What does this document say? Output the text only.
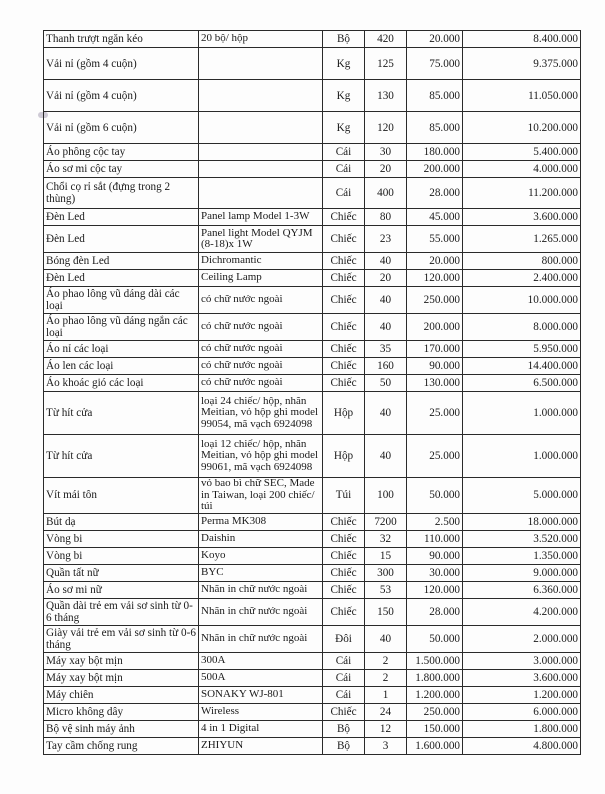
Thanh trượt ngăn kéo	20 bộ/ hộp	Bộ	420	20.000	8.400.000
Vải nỉ (gồm 4 cuộn)		Kg	125	75.000	9.375.000
Vải nỉ (gồm 4 cuộn)		Kg	130	85.000	11.050.000
Vải nỉ (gồm 6 cuộn)		Kg	120	85.000	10.200.000
Áo phông cộc tay		Cái	30	180.000	5.400.000
Áo sơ mi cộc tay		Cái	20	200.000	4.000.000
Chổi cọ rỉ sắt (đựng trong 2 thùng)		Cái	400	28.000	11.200.000
Đèn Led	Panel lamp Model 1-3W	Chiếc	80	45.000	3.600.000
Đèn Led	Panel light Model QYJM (8-18)x 1W	Chiếc	23	55.000	1.265.000
Bóng đèn Led	Dichromantic	Chiếc	40	20.000	800.000
Đèn Led	Ceiling Lamp	Chiếc	20	120.000	2.400.000
Áo phao lông vũ dáng dài các loại	có chữ nước ngoài	Chiếc	40	250.000	10.000.000
Áo phao lông vũ dáng ngắn các loại	có chữ nước ngoài	Chiếc	40	200.000	8.000.000
Áo nỉ các loại	có chữ nước ngoài	Chiếc	35	170.000	5.950.000
Áo len các loại	có chữ nước ngoài	Chiếc	160	90.000	14.400.000
Áo khoác gió các loại	có chữ nước ngoài	Chiếc	50	130.000	6.500.000
Từ hít cửa	loại 24 chiếc/ hộp, nhãn Meitian, vỏ hộp ghi model 99054, mã vạch 6924098	Hộp	40	25.000	1.000.000
Từ hít cửa	loại 12 chiếc/ hộp, nhãn Meitian, vỏ hộp ghi model 99061, mã vạch 6924098	Hộp	40	25.000	1.000.000
Vít mái tôn	vỏ bao bì chữ SEC, Made in Taiwan, loại 200 chiếc/ túi	Túi	100	50.000	5.000.000
Bút dạ	Perma MK308	Chiếc	7200	2.500	18.000.000
Vòng bi	Daishin	Chiếc	32	110.000	3.520.000
Vòng bi	Koyo	Chiếc	15	90.000	1.350.000
Quần tất nữ	BYC	Chiếc	300	30.000	9.000.000
Áo sơ mi nữ	Nhãn in chữ nước ngoài	Chiếc	53	120.000	6.360.000
Quần dài trẻ em vải sơ sinh từ 0-6 tháng	Nhãn in chữ nước ngoài	Chiếc	150	28.000	4.200.000
Giày vải trẻ em vải sơ sinh từ 0-6 tháng	Nhãn in chữ nước ngoài	Đôi	40	50.000	2.000.000
Máy xay bột mịn	300A	Cái	2	1.500.000	3.000.000
Máy xay bột mịn	500A	Cái	2	1.800.000	3.600.000
Máy chiên	SONAKY WJ-801	Cái	1	1.200.000	1.200.000
Micro không dây	Wireless	Chiếc	24	250.000	6.000.000
Bộ vệ sinh máy ảnh	4 in 1 Digital	Bộ	12	150.000	1.800.000
Tay cầm chống rung	ZHIYUN	Bộ	3	1.600.000	4.800.000
